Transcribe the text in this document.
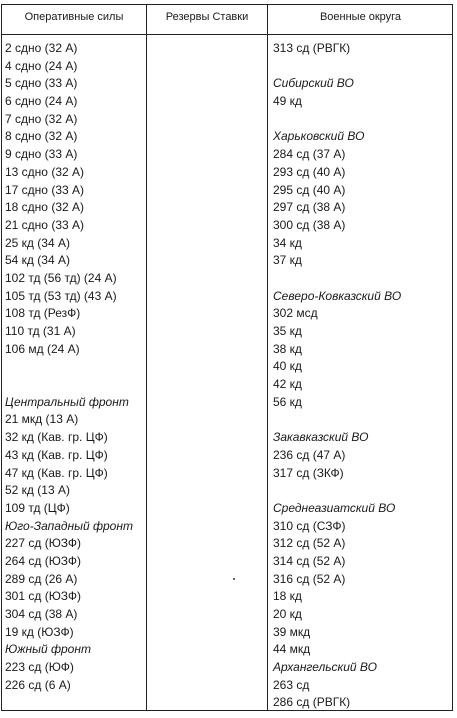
Оперативные силы	Резервы Ставки	Военные округа
2 сдно (32 А)
4 сдно (24 А)
5 сдно (33 А)
6 сдно (24 А)
7 сдно (32 А)
8 сдно (32 А)
9 сдно (33 А)
13 сдно (32 А)
17 сдно (33 А)
18 сдно (32 А)
21 сдно (33 А)
25 кд (34 А)
54 кд (34 А)
102 тд (56 тд) (24 А)
105 тд (53 тд) (43 А)
108 тд (РезФ)
110 тд (31 А)
106 мд (24 А)
Центральный фронт
21 мкд (13 А)
32 кд (Кав. гр. ЦФ)
43 кд (Кав. гр. ЦФ)
47 кд (Кав. гр. ЦФ)
52 кд (13 А)
109 тд (ЦФ)
Юго-Западный фронт
227 сд (ЮЗФ)
264 сд (ЮЗФ)
289 сд (26 А)
301 сд (ЮЗФ)
304 сд (38 А)
19 кд (ЮЗФ)
Южный фронт
223 сд (ЮФ)
226 сд (6 А)
313 сд (РВГК)
Сибирский ВО
49 кд
Харьковский ВО
284 сд (37 А)
293 сд (40 А)
295 сд (40 А)
297 сд (38 А)
300 сд (38 А)
34 кд
37 кд
Северо-Ковказский ВО
302 мсд
35 кд
38 кд
40 кд
42 кд
56 кд
Закавказский ВО
236 сд (47 А)
317 сд (ЗКФ)
Среднеазиатский ВО
310 сд (СЗФ)
312 сд (52 А)
314 сд (52 А)
316 сд (52 А)
18 кд
20 кд
39 мкд
44 мкд
Архангельский ВО
263 сд
286 сд (РВГК)
